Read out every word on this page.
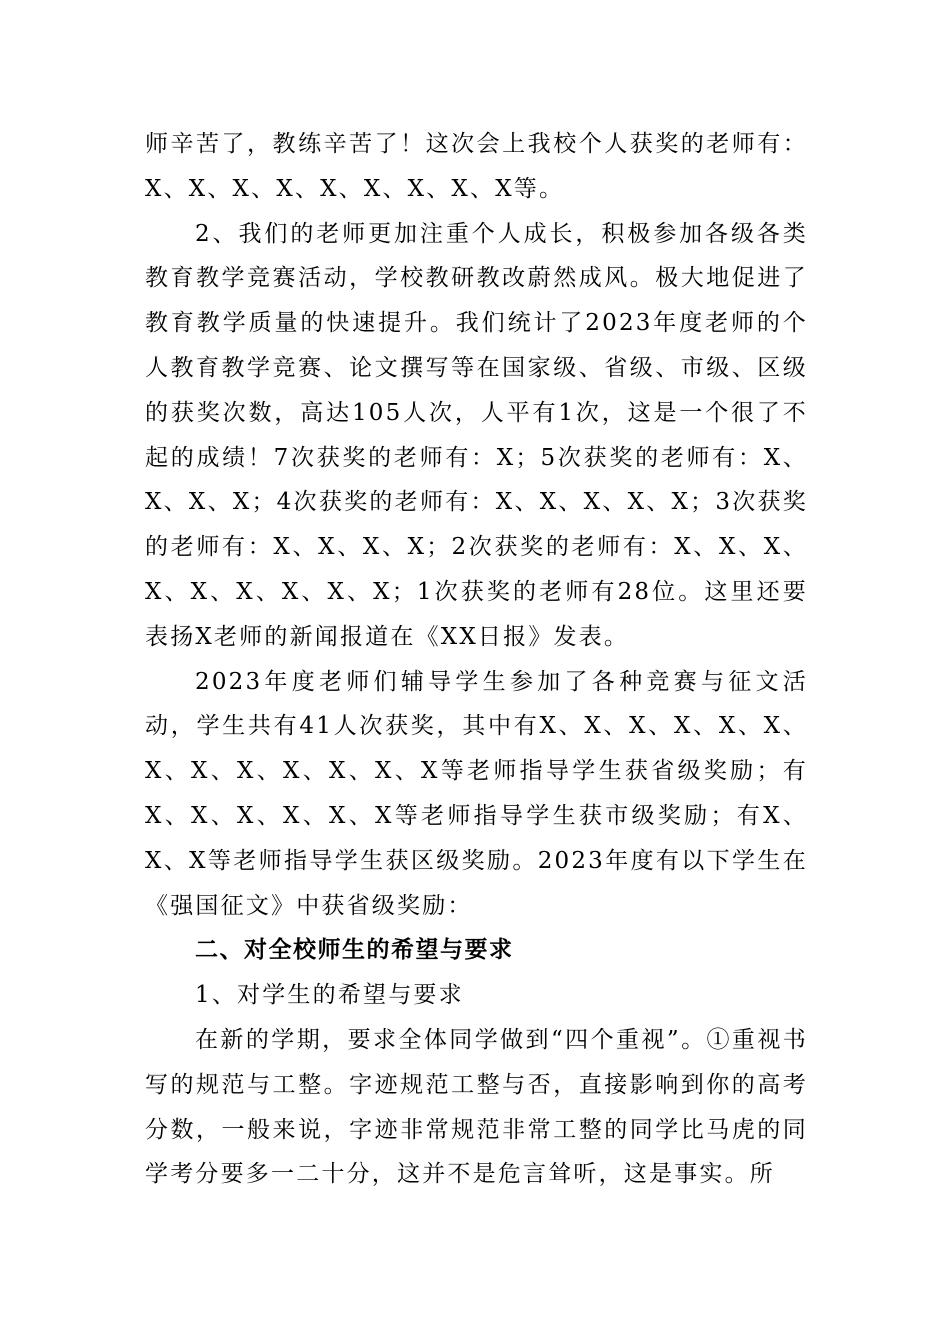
师辛苦了，教练辛苦了！这次会上我校个人获奖的老师有：X、X、X、X、X、X、X、X、X等。

2、我们的老师更加注重个人成长，积极参加各级各类教育教学竞赛活动，学校教研教改蔚然成风。极大地促进了教育教学质量的快速提升。我们统计了2023年度老师的个人教育教学竞赛、论文撰写等在国家级、省级、市级、区级的获奖次数，高达105人次，人平有1次，这是一个很了不起的成绩！7次获奖的老师有：X；5次获奖的老师有：X、X、X、X；4次获奖的老师有：X、X、X、X、X；3次获奖的老师有：X、X、X、X；2次获奖的老师有：X、X、X、X、X、X、X、X、X；1次获奖的老师有28位。这里还要表扬X老师的新闻报道在《XX日报》发表。

2023年度老师们辅导学生参加了各种竞赛与征文活动，学生共有41人次获奖，其中有X、X、X、X、X、X、X、X、X、X、X、X、X等老师指导学生获省级奖励；有X、X、X、X、X、X等老师指导学生获市级奖励；有X、X、X等老师指导学生获区级奖励。2023年度有以下学生在《强国征文》中获省级奖励：

二、对全校师生的希望与要求

1、对学生的希望与要求

在新的学期，要求全体同学做到“四个重视”。①重视书写的规范与工整。字迹规范工整与否，直接影响到你的高考分数，一般来说，字迹非常规范非常工整的同学比马虎的同学考分要多一二十分，这并不是危言耸听，这是事实。所
